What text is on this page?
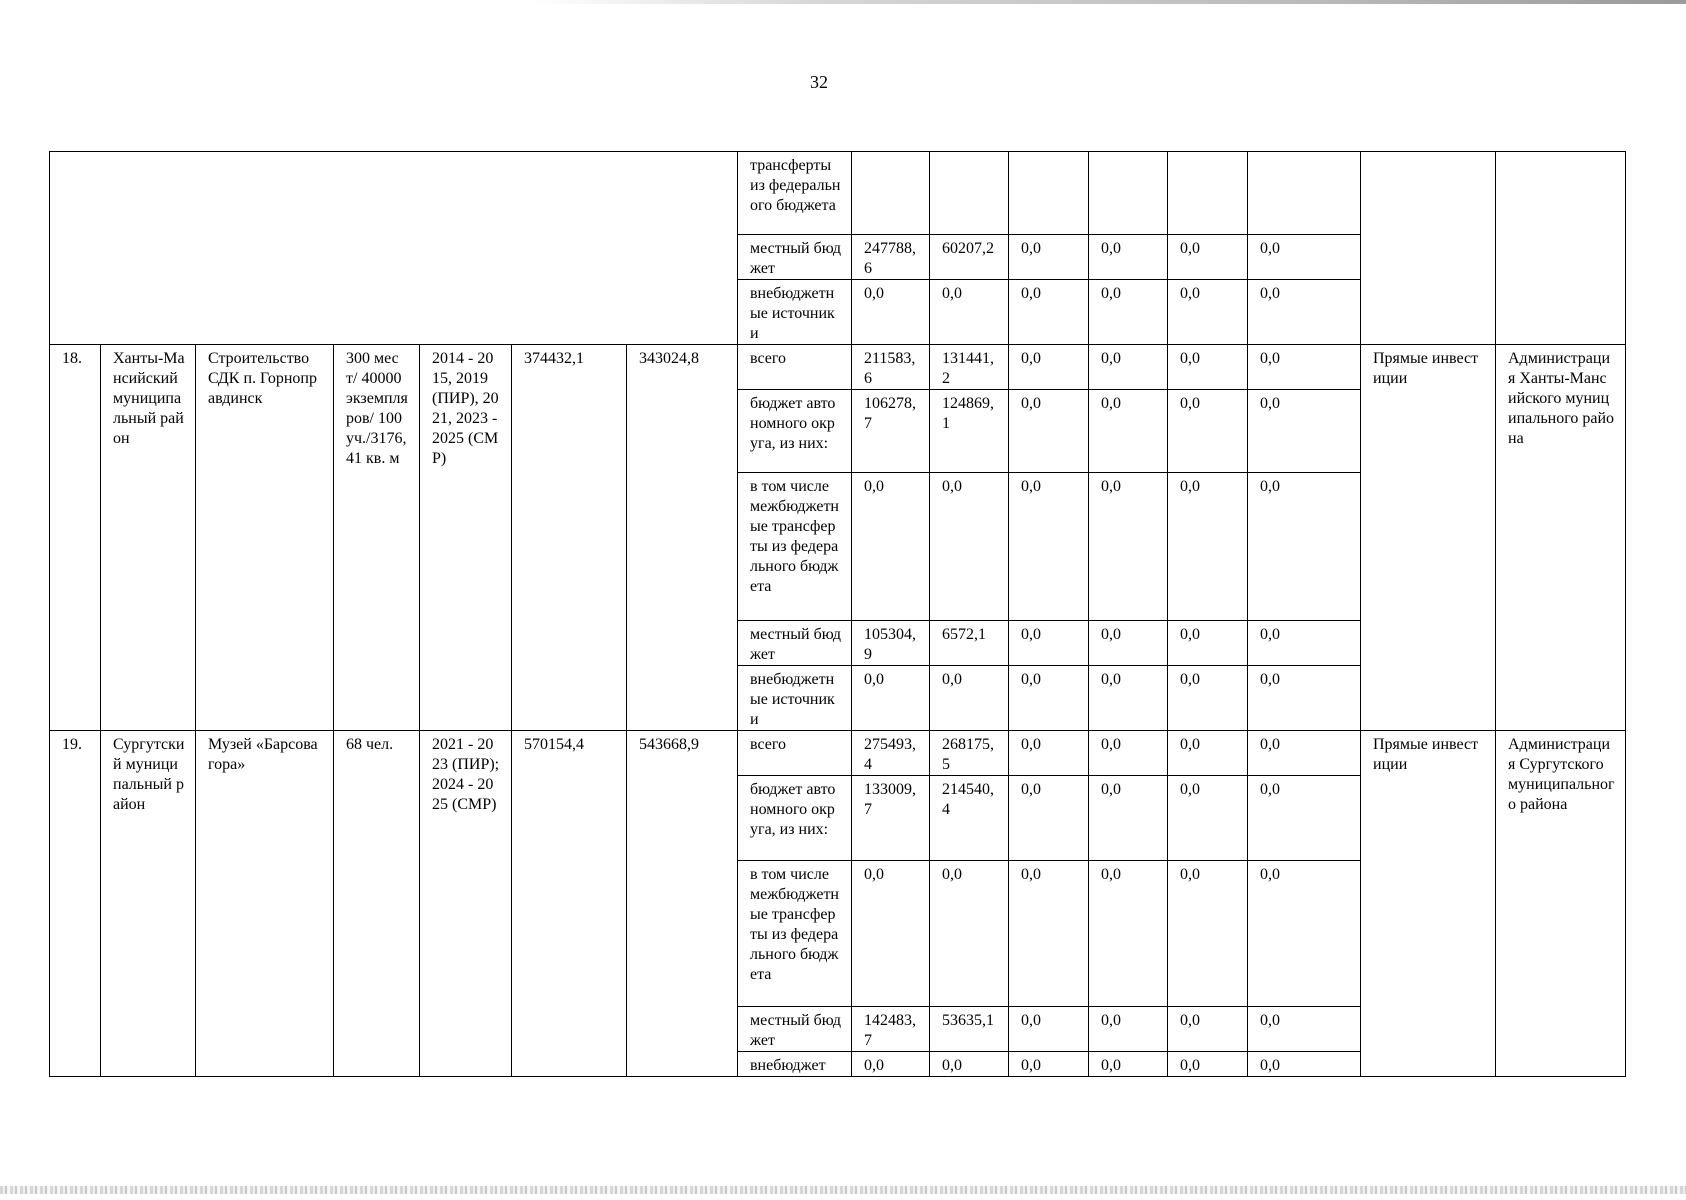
32
							трансферты из федерального бюджета								
							местный бюджет	247788,6	60207,2	0,0	0,0	0,0	0,0		
							внебюджетные источники	0,0	0,0	0,0	0,0	0,0	0,0		
18.	Ханты-Мансийский муниципальный район	Строительство СДК п. Горноправдинск	300 мест/ 40000 экземпляров/ 100 уч./3176,41 кв. м	2014 - 2015, 2019 (ПИР), 2021, 2023 - 2025 (СМР)	374432,1	343024,8	всего	211583,6	131441,2	0,0	0,0	0,0	0,0	Прямые инвестиции	Администрация Ханты-Мансийского муниципального района
							бюджет автономного округа, из них:	106278,7	124869,1	0,0	0,0	0,0	0,0		
							в том числе межбюджетные трансферты из федерального бюджета	0,0	0,0	0,0	0,0	0,0	0,0		
							местный бюджет	105304,9	6572,1	0,0	0,0	0,0	0,0		
							внебюджетные источники	0,0	0,0	0,0	0,0	0,0	0,0		
19.	Сургутский муниципальный район	Музей «Барсова гора»	68 чел.	2021 - 2023 (ПИР); 2024 - 2025 (СМР)	570154,4	543668,9	всего	275493,4	268175,5	0,0	0,0	0,0	0,0	Прямые инвестиции	Администрация Сургутского муниципального района
							бюджет автономного округа, из них:	133009,7	214540,4	0,0	0,0	0,0	0,0		
							в том числе межбюджетные трансферты из федерального бюджета	0,0	0,0	0,0	0,0	0,0	0,0		
							местный бюджет	142483,7	53635,1	0,0	0,0	0,0	0,0		
							внебюджет	0,0	0,0	0,0	0,0	0,0	0,0		
